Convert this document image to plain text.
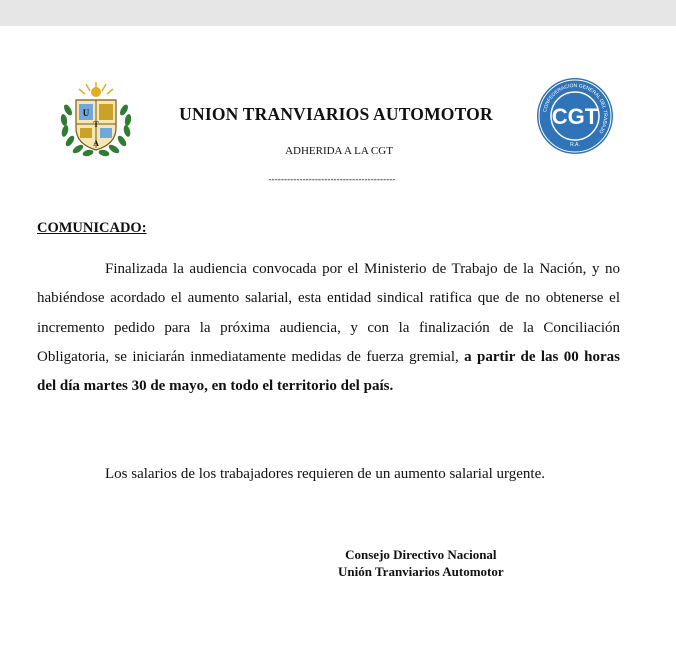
U
T
A
CONFEDERACION GENERAL DEL TRABAJO
CGT
R.A.
UNION TRANVIARIOS AUTOMOTOR
ADHERIDA A LA CGT
-----------------------------------------
COMUNICADO:
Finalizada la audiencia convocada por el Ministerio de Trabajo de la Nación, y no habiéndose acordado el aumento salarial, esta entidad sindical ratifica que de no obtenerse el incremento pedido para la próxima audiencia, y con la finalización de la Conciliación Obligatoria, se iniciarán inmediatamente medidas de fuerza gremial, a partir de las 00 horas del día martes 30 de mayo, en todo el territorio del país.
Los salarios de los trabajadores requieren de un aumento salarial urgente.
Consejo Directivo Nacional
Unión Tranviarios Automotor
